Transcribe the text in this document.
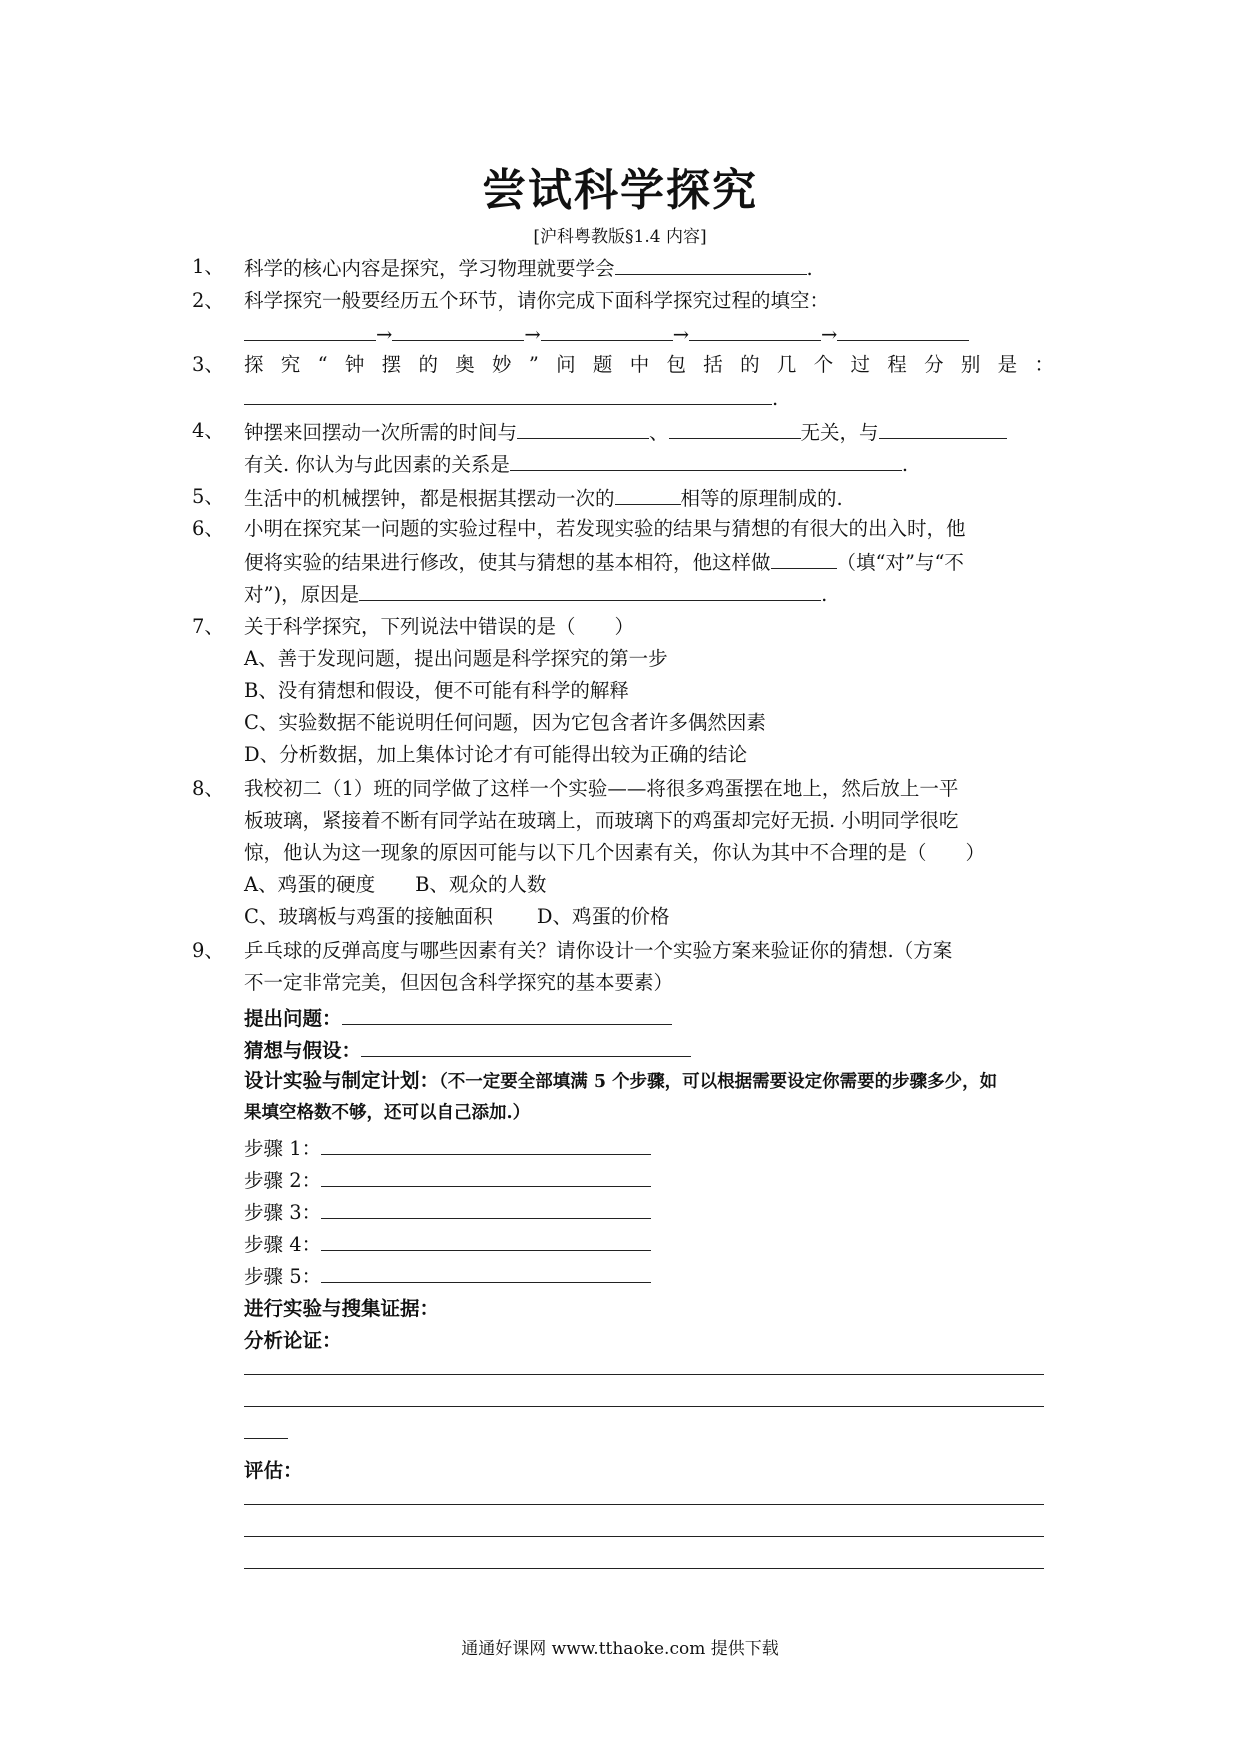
尝试科学探究
[沪科粤教版§1.4 内容]
1、 科学的核心内容是探究，学习物理就要学会	.
2、 科学探究一般要经历五个环节，请你完成下面科学探究过程的填空：
→	→	→	→
3、 探 究 “ 钟 摆 的 奥 妙 ” 问 题 中 包 括 的 几 个 过 程 分 别 是 ：
.
4、 钟摆来回摆动一次所需的时间与	、	无关，与
有关. 你认为与此因素的关系是	.
5、 生活中的机械摆钟，都是根据其摆动一次的	相等的原理制成的.
6、 小明在探究某一问题的实验过程中，若发现实验的结果与猜想的有很大的出入时，他
便将实验的结果进行修改，使其与猜想的基本相符，他这样做	（填“对”与“不
对”)，原因是	.
7、 关于科学探究，下列说法中错误的是（　　）
A、善于发现问题，提出问题是科学探究的第一步
B、没有猜想和假设，便不可能有科学的解释
C、实验数据不能说明任何问题，因为它包含者许多偶然因素
D、分析数据，加上集体讨论才有可能得出较为正确的结论
8、 我校初二（1）班的同学做了这样一个实验——将很多鸡蛋摆在地上，然后放上一平
板玻璃，紧接着不断有同学站在玻璃上，而玻璃下的鸡蛋却完好无损. 小明同学很吃
惊，他认为这一现象的原因可能与以下几个因素有关，你认为其中不合理的是（　　）
A、鸡蛋的硬度 B、观众的人数
C、玻璃板与鸡蛋的接触面积 D、鸡蛋的价格
9、 乒乓球的反弹高度与哪些因素有关？请你设计一个实验方案来验证你的猜想.（方案
不一定非常完美，但因包含科学探究的基本要素）
提出问题：
猜想与假设：
设计实验与制定计划：（不一定要全部填满 5 个步骤，可以根据需要设定你需要的步骤多少，如
果填空格数不够，还可以自己添加.）
步骤 1：
步骤 2：
步骤 3：
步骤 4：
步骤 5：
进行实验与搜集证据：
分析论证：
评估：
通通好课网 www.tthaoke.com 提供下载
